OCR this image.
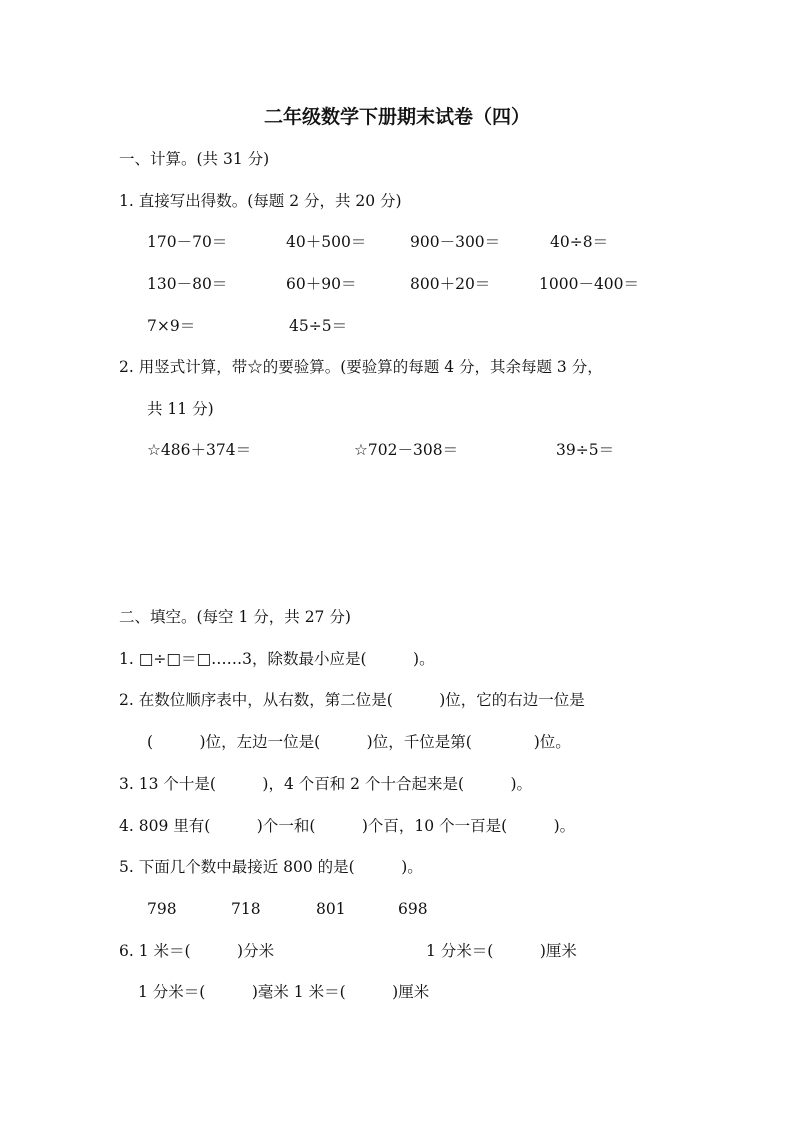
二年级数学下册期末试卷（四）
一、计算。(共 31 分)
1. 直接写出得数。(每题 2 分，共 20 分)
170－70＝	40＋500＝	900－300＝	40÷8＝
130－80＝	60＋90＝	800＋20＝	1000－400＝
7×9＝	45÷5＝
2. 用竖式计算，带☆的要验算。(要验算的每题 4 分，其余每题 3 分，
共 11 分)
☆486＋374＝	☆702－308＝	39÷5＝
二、填空。(每空 1 分，共 27 分)
1. □÷□＝□……3，除数最小应是(　　　)。
2. 在数位顺序表中，从右数，第二位是(　　　)位，它的右边一位是
(　　　)位，左边一位是(　　　)位，千位是第(　　　　)位。
3. 13 个十是(　　　)，4 个百和 2 个十合起来是(　　　)。
4. 809 里有(　　　)个一和(　　　)个百，10 个一百是(　　　)。
5. 下面几个数中最接近 800 的是(　　　)。
798	718	801	698
6. 1 米＝(　　　)分米	1 分米＝(　　　)厘米
1 分米＝(　　　)毫米 1 米＝(　　　)厘米
